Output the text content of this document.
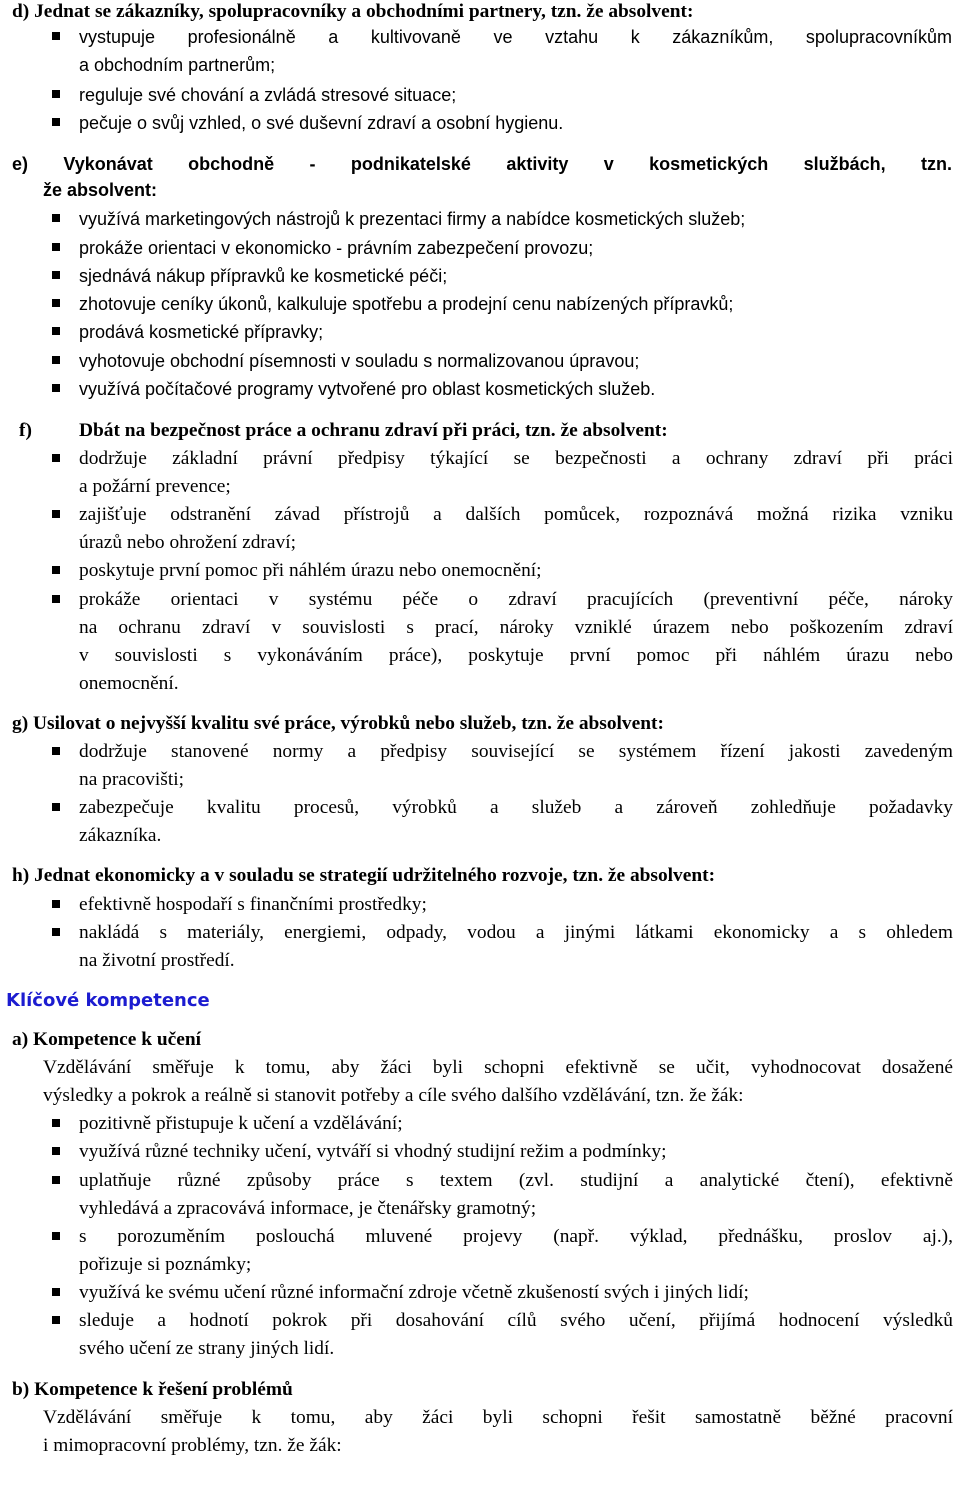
d) Jednat se zákazníky, spolupracovníky a obchodními partnery, tzn. že absolvent:
vystupuje profesionálně a kultivovaně ve vztahu k zákazníkům, spolupracovníkům
a obchodním partnerům;
reguluje své chování a zvládá stresové situace;
pečuje o svůj vzhled, o své duševní zdraví a osobní hygienu.
e) Vykonávat obchodně - podnikatelské aktivity v kosmetických službách, tzn.
že absolvent:
využívá marketingových nástrojů k prezentaci firmy a nabídce kosmetických služeb;
prokáže orientaci v ekonomicko - právním zabezpečení provozu;
sjednává nákup přípravků ke kosmetické péči;
zhotovuje ceníky úkonů, kalkuluje spotřebu a prodejní cenu nabízených přípravků;
prodává kosmetické přípravky;
vyhotovuje obchodní písemnosti v souladu s normalizovanou úpravou;
využívá počítačové programy vytvořené pro oblast kosmetických služeb.
f) Dbát na bezpečnost práce a ochranu zdraví při práci, tzn. že absolvent:
dodržuje základní právní předpisy týkající se bezpečnosti a ochrany zdraví při práci
a požární prevence;
zajišťuje odstranění závad přístrojů a dalších pomůcek, rozpoznává možná rizika vzniku
úrazů nebo ohrožení zdraví;
poskytuje první pomoc při náhlém úrazu nebo onemocnění;
prokáže orientaci v systému péče o zdraví pracujících (preventivní péče, nároky
na ochranu zdraví v souvislosti s prací, nároky vzniklé úrazem nebo poškozením zdraví
v souvislosti s vykonáváním práce), poskytuje první pomoc při náhlém úrazu nebo
onemocnění.
g) Usilovat o nejvyšší kvalitu své práce, výrobků nebo služeb, tzn. že absolvent:
dodržuje stanovené normy a předpisy související se systémem řízení jakosti zavedeným
na pracovišti;
zabezpečuje kvalitu procesů, výrobků a služeb a zároveň zohledňuje požadavky
zákazníka.
h) Jednat ekonomicky a v souladu se strategií udržitelného rozvoje, tzn. že absolvent:
efektivně hospodaří s finančními prostředky;
nakládá s materiály, energiemi, odpady, vodou a jinými látkami ekonomicky a s ohledem
na životní prostředí.
Klíčové kompetence
a) Kompetence k učení
Vzdělávání směřuje k tomu, aby žáci byli schopni efektivně se učit, vyhodnocovat dosažené
výsledky a pokrok a reálně si stanovit potřeby a cíle svého dalšího vzdělávání, tzn. že žák:
pozitivně přistupuje k učení a vzdělávání;
využívá různé techniky učení, vytváří si vhodný studijní režim a podmínky;
uplatňuje různé způsoby práce s textem (zvl. studijní a analytické čtení), efektivně
vyhledává a zpracovává informace, je čtenářsky gramotný;
s porozuměním poslouchá mluvené projevy (např. výklad, přednášku, proslov aj.),
pořizuje si poznámky;
využívá ke svému učení různé informační zdroje včetně zkušeností svých i jiných lidí;
sleduje a hodnotí pokrok při dosahování cílů svého učení, přijímá hodnocení výsledků
svého učení ze strany jiných lidí.
b) Kompetence k řešení problémů
Vzdělávání směřuje k tomu, aby žáci byli schopni řešit samostatně běžné pracovní
i mimopracovní problémy, tzn. že žák:
